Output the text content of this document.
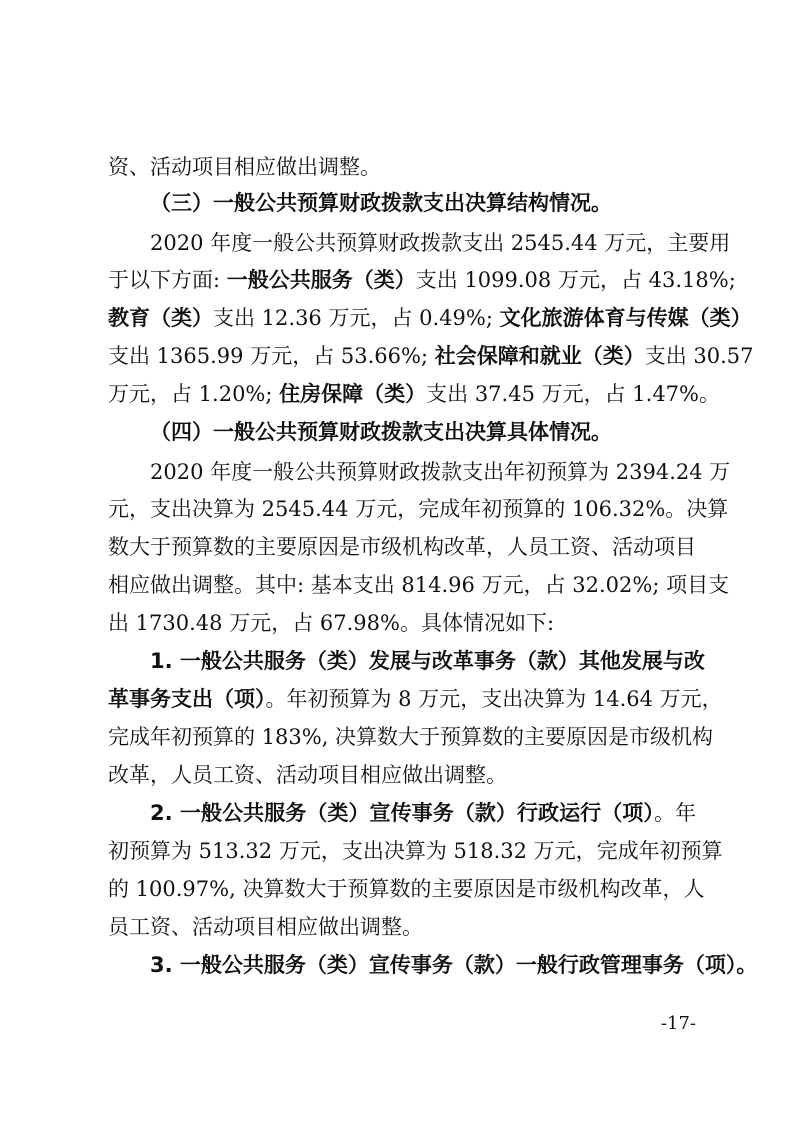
资、活动项目相应做出调整。
（三）一般公共预算财政拨款支出决算结构情况。
2020 年度一般公共预算财政拨款支出 2545.44 万元，主要用
于以下方面: 一般公共服务（类）支出 1099.08 万元，占 43.18%;
教育（类）支出 12.36 万元，占 0.49%; 文化旅游体育与传媒（类）
支出 1365.99 万元，占 53.66%; 社会保障和就业（类）支出 30.57
万元，占 1.20%; 住房保障（类）支出 37.45 万元，占 1.47%。
（四）一般公共预算财政拨款支出决算具体情况。
2020 年度一般公共预算财政拨款支出年初预算为 2394.24 万
元，支出决算为 2545.44 万元，完成年初预算的 106.32%。决算
数大于预算数的主要原因是市级机构改革，人员工资、活动项目
相应做出调整。其中: 基本支出 814.96 万元，占 32.02%; 项目支
出 1730.48 万元，占 67.98%。具体情况如下:
1. 一般公共服务（类）发展与改革事务（款）其他发展与改
革事务支出（项）。年初预算为 8 万元，支出决算为 14.64 万元，
完成年初预算的 183%, 决算数大于预算数的主要原因是市级机构
改革，人员工资、活动项目相应做出调整。
2. 一般公共服务（类）宣传事务（款）行政运行（项）。年
初预算为 513.32 万元，支出决算为 518.32 万元，完成年初预算
的 100.97%, 决算数大于预算数的主要原因是市级机构改革，人
员工资、活动项目相应做出调整。
3. 一般公共服务（类）宣传事务（款）一般行政管理事务（项）。
-17-
